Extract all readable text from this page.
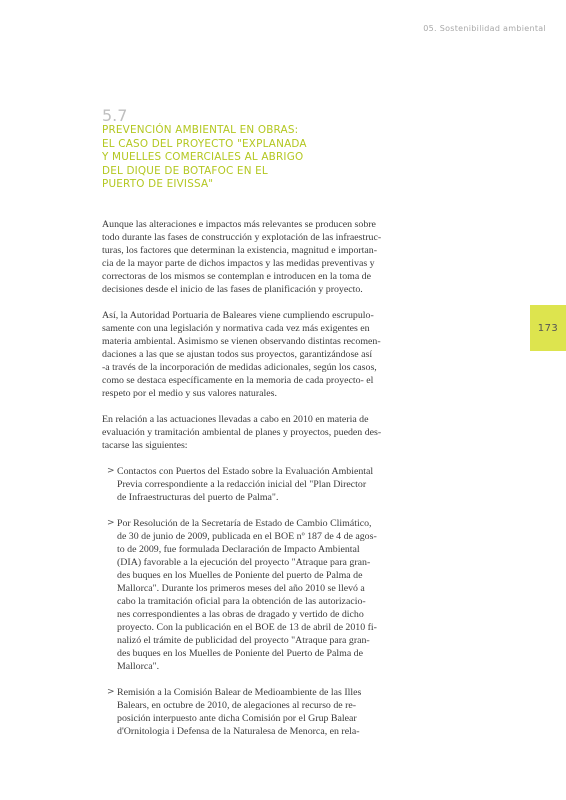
05. Sostenibilidad ambiental
5.7
PREVENCIÓN AMBIENTAL EN OBRAS:
EL CASO DEL PROYECTO "EXPLANADA
Y MUELLES COMERCIALES AL ABRIGO
DEL DIQUE DE BOTAFOC EN EL
PUERTO DE EIVISSA"

Aunque las alteraciones e impactos más relevantes se producen sobre
todo durante las fases de construcción y explotación de las infraestruc-
turas, los factores que determinan la existencia, magnitud e importan-
cia de la mayor parte de dichos impactos y las medidas preventivas y
correctoras de los mismos se contemplan e introducen en la toma de
decisiones desde el inicio de las fases de planificación y proyecto.

Así, la Autoridad Portuaria de Baleares viene cumpliendo escrupulo-
samente con una legislación y normativa cada vez más exigentes en
materia ambiental. Asimismo se vienen observando distintas recomen-
daciones a las que se ajustan todos sus proyectos, garantizándose así
-a través de la incorporación de medidas adicionales, según los casos,
como se destaca específicamente en la memoria de cada proyecto- el
respeto por el medio y sus valores naturales.

En relación a las actuaciones llevadas a cabo en 2010 en materia de
evaluación y tramitación ambiental de planes y proyectos, pueden des-
tacarse las siguientes:

> Contactos con Puertos del Estado sobre la Evaluación Ambiental
Previa correspondiente a la redacción inicial del "Plan Director
de Infraestructuras del puerto de Palma".
> Por Resolución de la Secretaría de Estado de Cambio Climático,
de 30 de junio de 2009, publicada en el BOE nº 187 de 4 de agos-
to de 2009, fue formulada Declaración de Impacto Ambiental
(DIA) favorable a la ejecución del proyecto "Atraque para gran-
des buques en los Muelles de Poniente del puerto de Palma de
Mallorca". Durante los primeros meses del año 2010 se llevó a
cabo la tramitación oficial para la obtención de las autorizacio-
nes correspondientes a las obras de dragado y vertido de dicho
proyecto. Con la publicación en el BOE de 13 de abril de 2010 fi-
nalizó el trámite de publicidad del proyecto "Atraque para gran-
des buques en los Muelles de Poniente del Puerto de Palma de
Mallorca".
> Remisión a la Comisión Balear de Medioambiente de las Illes
Balears, en octubre de 2010, de alegaciones al recurso de re-
posición interpuesto ante dicha Comisión por el Grup Balear
d'Ornitologia i Defensa de la Naturalesa de Menorca, en rela-
173
